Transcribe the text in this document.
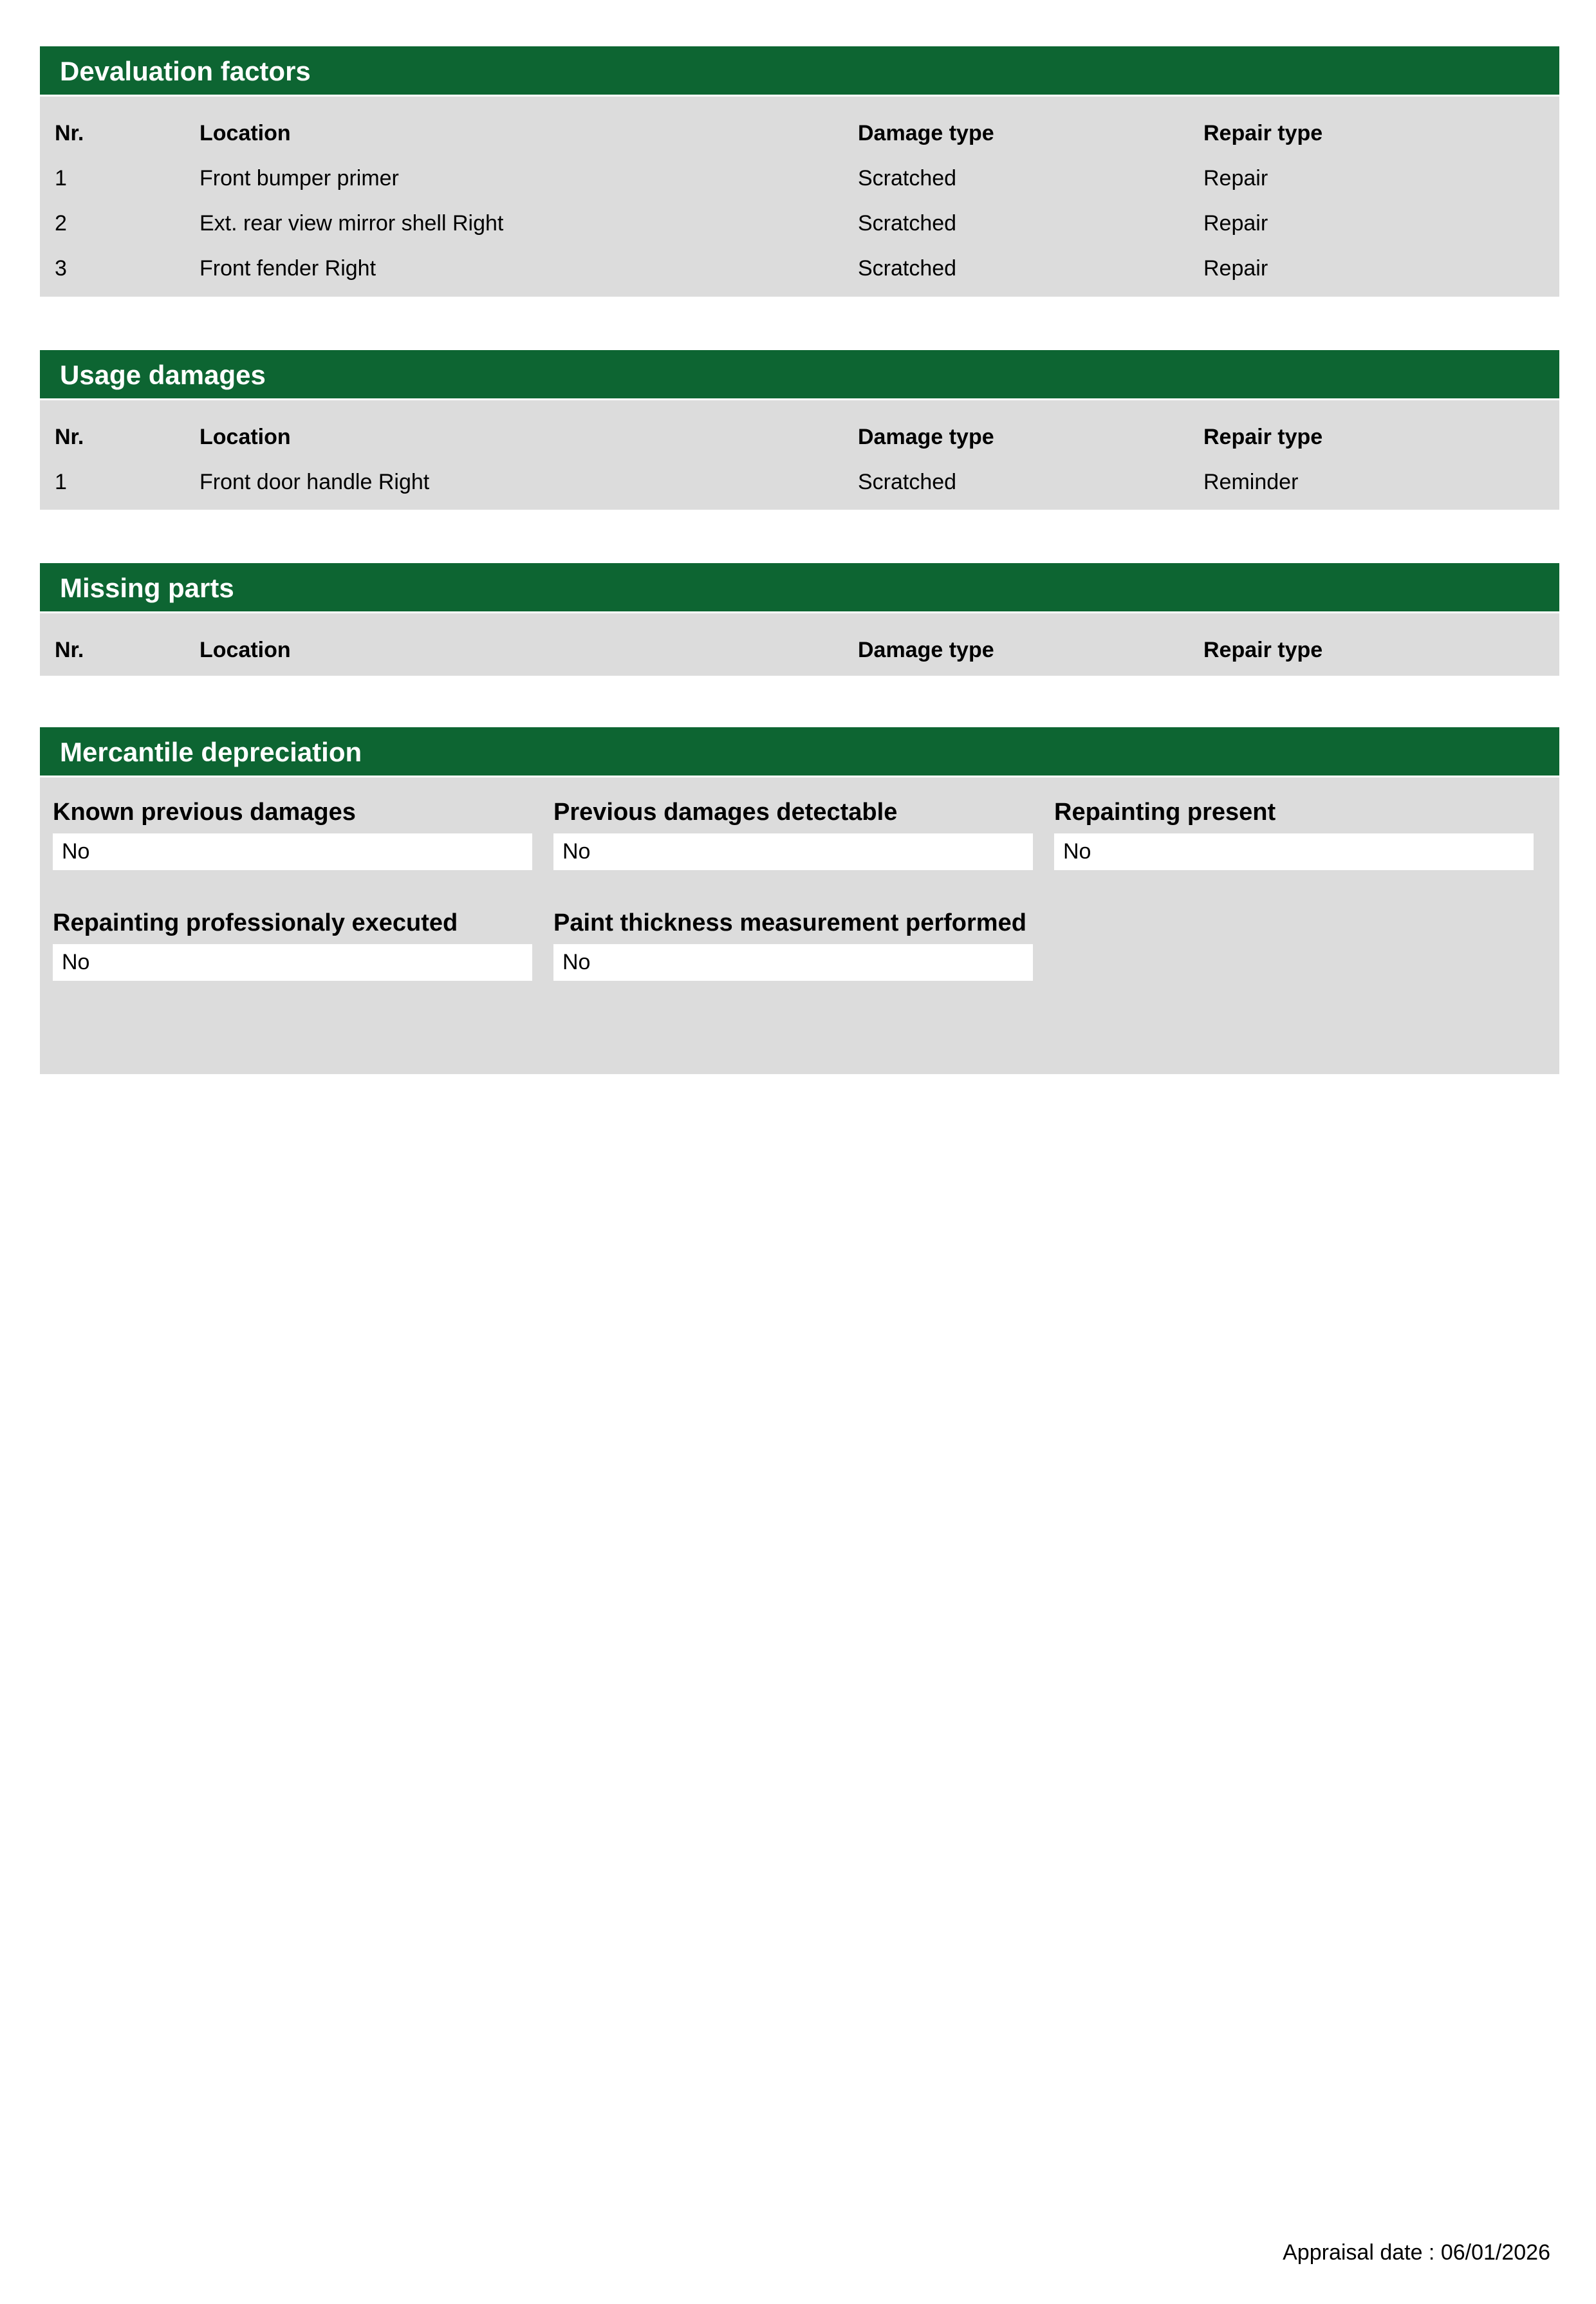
Devaluation factors
Nr.	Location	Damage type	Repair type
1	Front bumper primer	Scratched	Repair
2	Ext. rear view mirror shell Right	Scratched	Repair
3	Front fender Right	Scratched	Repair
Usage damages
Nr.	Location	Damage type	Repair type
1	Front door handle Right	Scratched	Reminder
Missing parts
Nr.	Location	Damage type	Repair type
Mercantile depreciation
Known previous damages
No
Previous damages detectable
No
Repainting present
No
Repainting professionaly executed
No
Paint thickness measurement performed
No
Appraisal date : 06/01/2026
